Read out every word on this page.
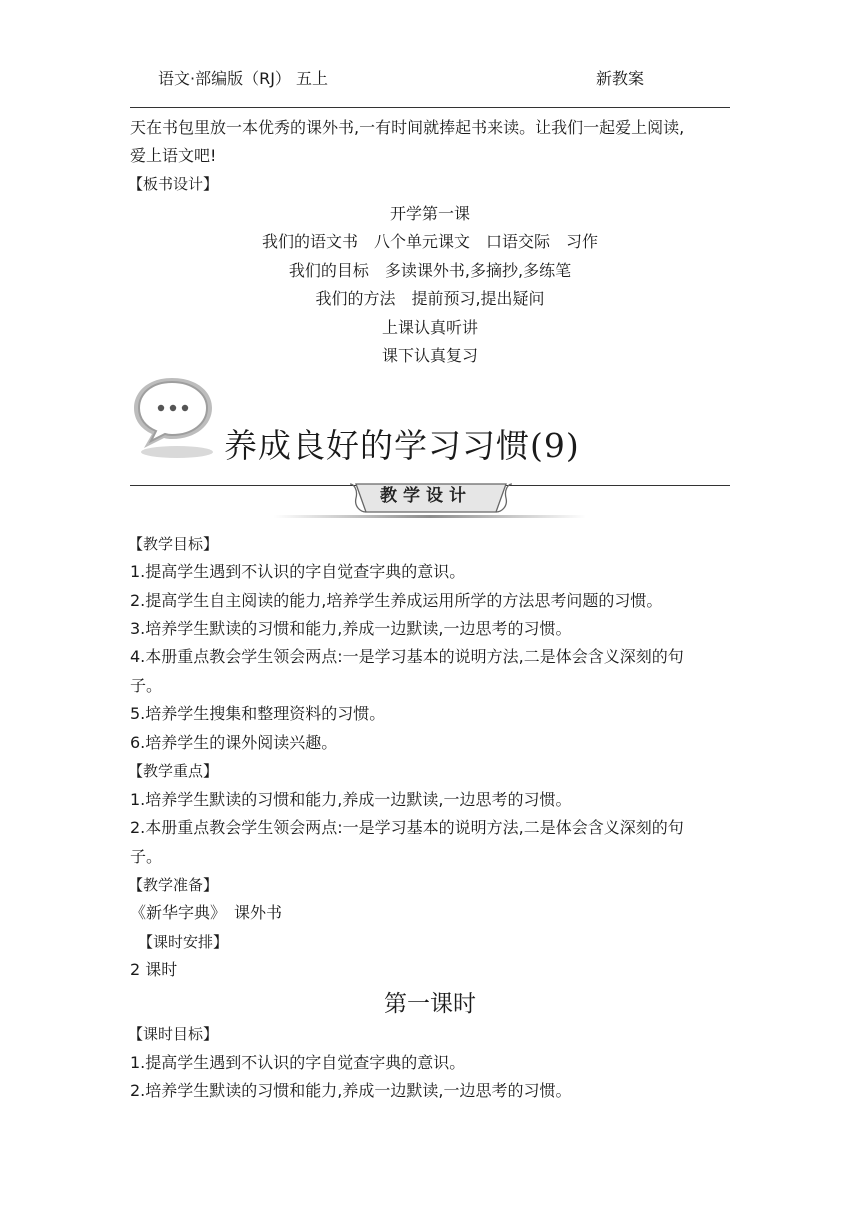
语文·部编版（RJ） 五上	新教案
天在书包里放一本优秀的课外书,一有时间就捧起书来读。让我们一起爱上阅读,
爱上语文吧!
【板书设计】
开学第一课
我们的语文书　八个单元课文　口语交际　习作
我们的目标　多读课外书,多摘抄,多练笔
我们的方法　提前预习,提出疑问
上课认真听讲
课下认真复习
养成良好的学习习惯(9)
教学设计
【教学目标】
1.提高学生遇到不认识的字自觉查字典的意识。
2.提高学生自主阅读的能力,培养学生养成运用所学的方法思考问题的习惯。
3.培养学生默读的习惯和能力,养成一边默读,一边思考的习惯。
4.本册重点教会学生领会两点:一是学习基本的说明方法,二是体会含义深刻的句
子。
5.培养学生搜集和整理资料的习惯。
6.培养学生的课外阅读兴趣。
【教学重点】
1.培养学生默读的习惯和能力,养成一边默读,一边思考的习惯。
2.本册重点教会学生领会两点:一是学习基本的说明方法,二是体会含义深刻的句
子。
【教学准备】
《新华字典》　课外书
【课时安排】
2 课时
第一课时
【课时目标】
1.提高学生遇到不认识的字自觉查字典的意识。
2.培养学生默读的习惯和能力,养成一边默读,一边思考的习惯。
